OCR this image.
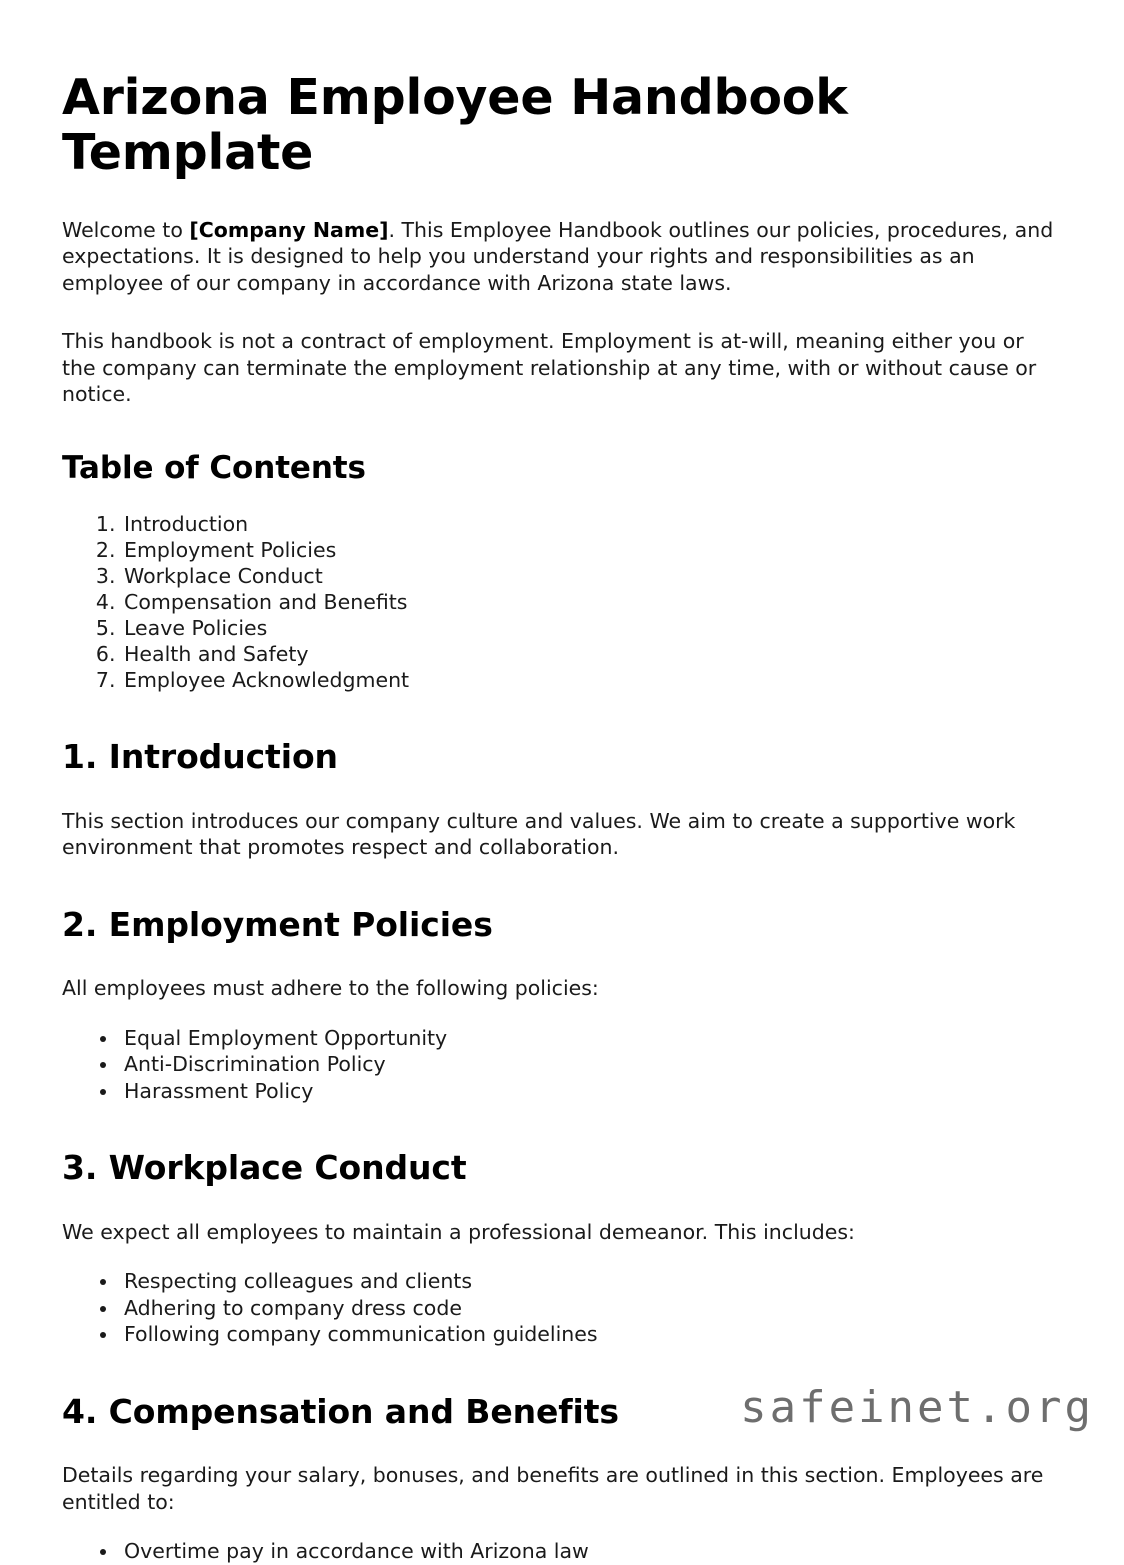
Arizona Employee Handbook Template

Welcome to [Company Name]. This Employee Handbook outlines our policies, procedures, and expectations. It is designed to help you understand your rights and responsibilities as an employee of our company in accordance with Arizona state laws.

This handbook is not a contract of employment. Employment is at-will, meaning either you or the company can terminate the employment relationship at any time, with or without cause or notice.

Table of Contents
1. Introduction
2. Employment Policies
3. Workplace Conduct
4. Compensation and Benefits
5. Leave Policies
6. Health and Safety
7. Employee Acknowledgment
1. Introduction

This section introduces our company culture and values. We aim to create a supportive work environment that promotes respect and collaboration.

2. Employment Policies

All employees must adhere to the following policies:

• Equal Employment Opportunity
• Anti-Discrimination Policy
• Harassment Policy
3. Workplace Conduct

We expect all employees to maintain a professional demeanor. This includes:

• Respecting colleagues and clients
• Adhering to company dress code
• Following company communication guidelines
4. Compensation and Benefits

Details regarding your salary, bonuses, and benefits are outlined in this section. Employees are entitled to:

• Overtime pay in accordance with Arizona law
safeinet.org
